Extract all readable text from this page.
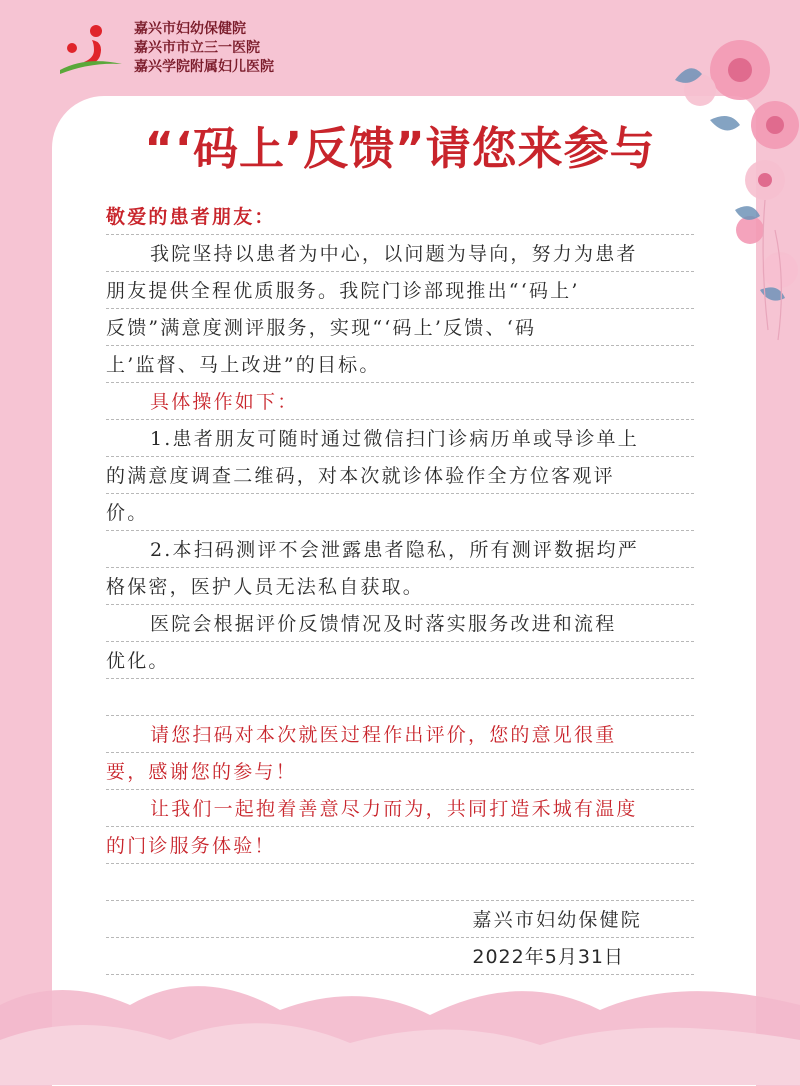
嘉兴市妇幼保健院
嘉兴市市立三一医院
嘉兴学院附属妇儿医院
“‘码上’反馈”请您来参与
敬爱的患者朋友：
我院坚持以患者为中心，以问题为导向，努力为患者
朋友提供全程优质服务。我院门诊部现推出“‘码上’
反馈”满意度测评服务，实现“‘码上’反馈、‘码
上’监督、马上改进”的目标。
具体操作如下：
1.患者朋友可随时通过微信扫门诊病历单或导诊单上
的满意度调查二维码，对本次就诊体验作全方位客观评
价。
2.本扫码测评不会泄露患者隐私，所有测评数据均严
格保密，医护人员无法私自获取。
医院会根据评价反馈情况及时落实服务改进和流程
优化。
请您扫码对本次就医过程作出评价，您的意见很重
要，感谢您的参与！
让我们一起抱着善意尽力而为，共同打造禾城有温度
的门诊服务体验！
嘉兴市妇幼保健院
2022年5月31日
